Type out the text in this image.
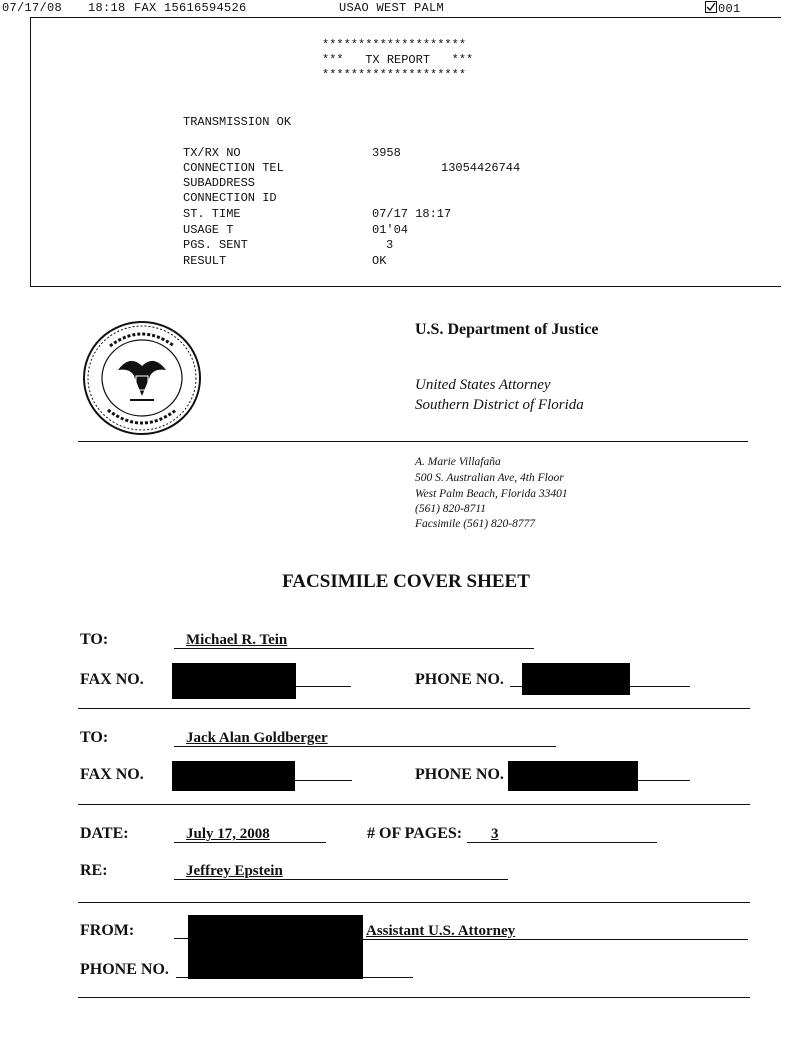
07/17/08 18:18 FAX 15616594526	USAO WEST PALM	001
********************
*** TX REPORT ***
********************
TRANSMISSION OK
TX/RX NO	3958
CONNECTION TEL	13054426744
SUBADDRESS
CONNECTION ID
ST. TIME	07/17 18:17
USAGE T	01'04
PGS. SENT	3
RESULT	OK
U.S. Department of Justice
United States Attorney
Southern District of Florida
A. Marie Villafaña
500 S. Australian Ave, 4th Floor
West Palm Beach, Florida 33401
(561) 820-8711
Facsimile (561) 820-8777
FACSIMILE COVER SHEET
TO:	Michael R. Tein
FAX NO.	PHONE NO.
TO:	Jack Alan Goldberger
FAX NO.	PHONE NO.
DATE:	July 17, 2008	# OF PAGES: 3
RE:	Jeffrey Epstein
FROM:	Assistant U.S. Attorney
PHONE NO.
